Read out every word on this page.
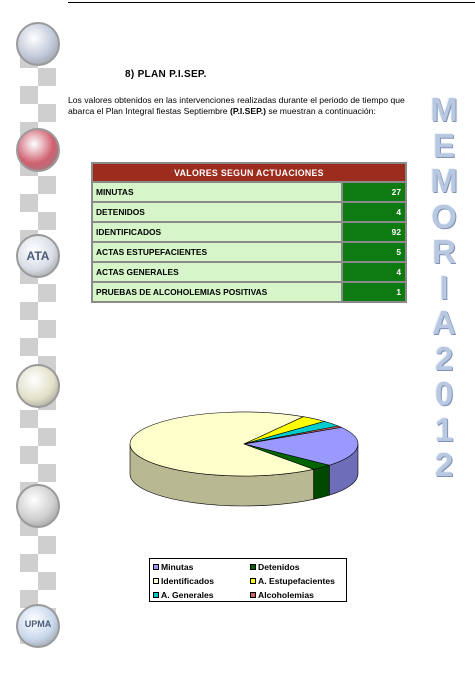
ATA
UPMA
8) PLAN P.I.SEP.

Los valores obtenidos en las intervenciones realizadas durante el periodo de tiempo que abarca el Plan Integral fiestas Septiembre (P.I.SEP.) se muestran a continuación:

VALORES SEGUN ACTUACIONES	
MINUTAS	27
DETENIDOS	4
IDENTIFICADOS	92
ACTAS ESTUPEFACIENTES	5
ACTAS GENERALES	4
PRUEBAS DE ALCOHOLEMIAS POSITIVAS	1
M
E
M
O
R
I
A
2
0
1
2
Minutas	Detenidos
Identificados	A. Estupefacientes
A. Generales	Alcoholemias
